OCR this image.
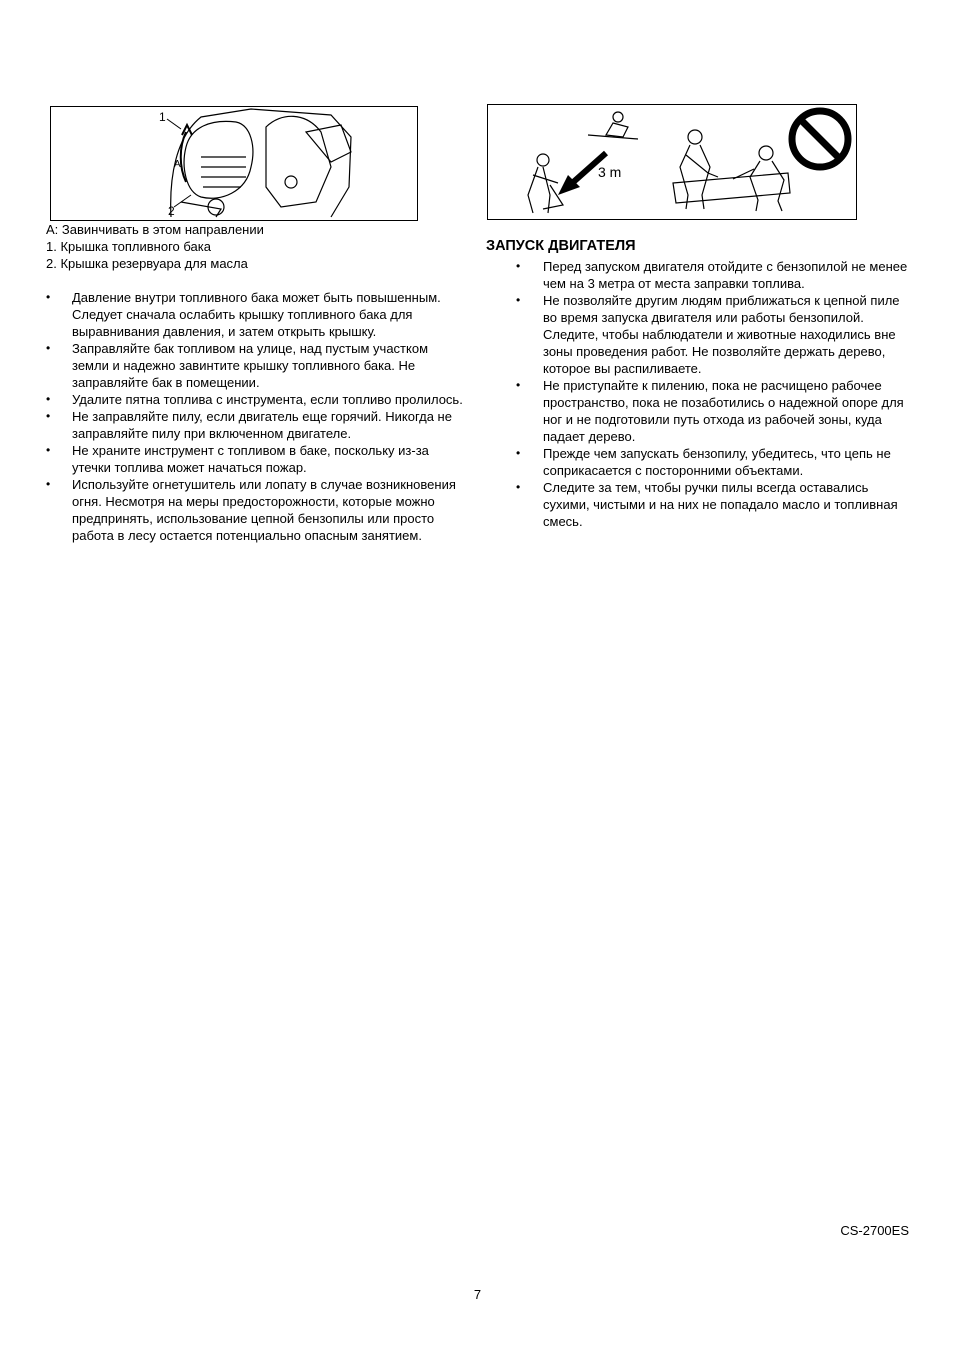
1
2
A	3 m
A: Завинчивать в этом направлении
1. Крышка топливного бака
2. Крышка резервуара для масла
• Давление внутри топливного бака может быть повышенным. Следует сначала ослабить крышку топливного бака для выравнивания давления, и затем открыть крышку.
• Заправляйте бак топливом на улице, над пустым участком земли и надежно завинтите крышку топливного бака. Не заправляйте бак в помещении.
• Удалите пятна топлива с инструмента, если топливо пролилось.
• Не заправляйте пилу, если двигатель еще горячий. Никогда не заправляйте пилу при включенном двигателе.
• Не храните инструмент с топливом в баке, поскольку из-за утечки топлива может начаться пожар.
• Используйте огнетушитель или лопату в случае возникновения огня. Несмотря на меры предосторожности, которые можно предпринять, использование цепной бензопилы или просто работа в лесу остается потенциально опасным занятием.
ЗАПУСК ДВИГАТЕЛЯ
• Перед запуском двигателя отойдите с бензопилой не менее чем на 3 метра от места заправки топлива.
• Не позволяйте другим людям приближаться к цепной пиле во время запуска двигателя или работы бензопилой. Следите, чтобы наблюдатели и животные находились вне зоны проведения работ. Не позволяйте держать дерево, которое вы распиливаете.
• Не приступайте к пилению, пока не расчищено рабочее пространство, пока не позаботились о надежной опоре для ног и не подготовили путь отхода из рабочей зоны, куда падает дерево.
• Прежде чем запускать бензопилу, убедитесь, что цепь не соприкасается с посторонними объектами.
• Следите за тем, чтобы ручки пилы всегда оставались сухими, чистыми и на них не попадало масло и топливная смесь.
CS-2700ES
7
